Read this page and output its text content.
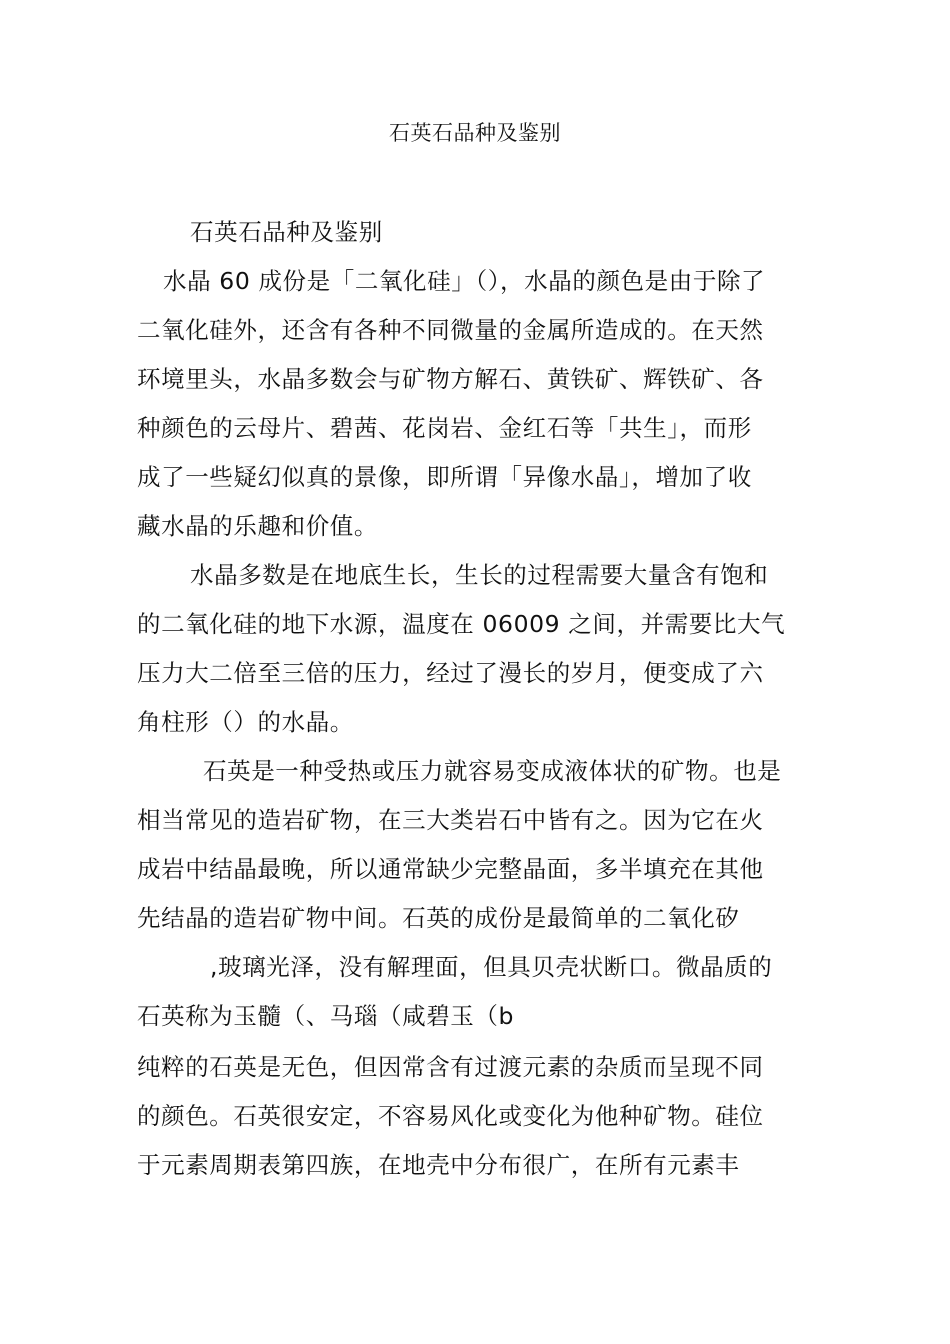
石英石品种及鉴别
石英石品种及鉴别
水晶 60 成份是「二氧化硅」（），水晶的颜色是由于除了
二氧化硅外，还含有各种不同微量的金属所造成的。在天然
环境里头，水晶多数会与矿物方解石、黄铁矿、辉铁矿、各
种颜色的云母片、碧茜、花岗岩、金红石等「共生」，而形
成了一些疑幻似真的景像，即所谓「异像水晶」，增加了收
藏水晶的乐趣和价值。
水晶多数是在地底生长，生长的过程需要大量含有饱和
的二氧化硅的地下水源，温度在 06009 之间，并需要比大气
压力大二倍至三倍的压力，经过了漫长的岁月，便变成了六
角柱形（）的水晶。
石英是一种受热或压力就容易变成液体状的矿物。也是
相当常见的造岩矿物，在三大类岩石中皆有之。因为它在火
成岩中结晶最晚，所以通常缺少完整晶面，多半填充在其他
先结晶的造岩矿物中间。石英的成份是最简单的二氧化矽
,玻璃光泽，没有解理面，但具贝壳状断口。微晶质的
石英称为玉髓（、马瑙（咸碧玉（b
纯粹的石英是无色，但因常含有过渡元素的杂质而呈现不同
的颜色。石英很安定，不容易风化或变化为他种矿物。硅位
于元素周期表第四族，在地壳中分布很广，在所有元素丰
